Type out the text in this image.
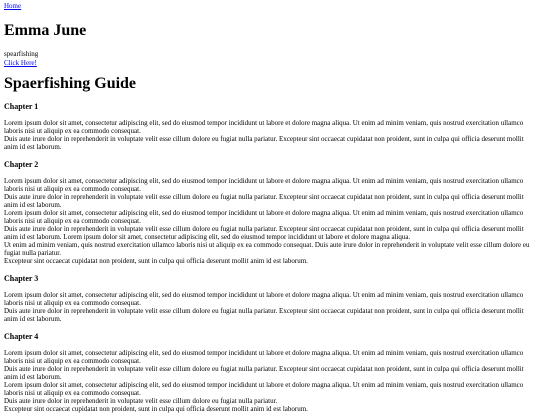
Home
Emma June
spearfishing
Click Here!
Spaerfishing Guide
Chapter 1

Lorem ipsum dolor sit amet, consectetur adipiscing elit, sed do eiusmod tempor incididunt ut labore et dolore magna aliqua. Ut enim ad minim veniam, quis nostrud exercitation ullamco laboris nisi ut aliquip ex ea commodo consequat.

Duis aute irure dolor in reprehenderit in voluptate velit esse cillum dolore eu fugiat nulla pariatur. Excepteur sint occaecat cupidatat non proident, sunt in culpa qui officia deserunt mollit anim id est laborum.

Chapter 2

Lorem ipsum dolor sit amet, consectetur adipiscing elit, sed do eiusmod tempor incididunt ut labore et dolore magna aliqua. Ut enim ad minim veniam, quis nostrud exercitation ullamco laboris nisi ut aliquip ex ea commodo consequat.

Duis aute irure dolor in reprehenderit in voluptate velit esse cillum dolore eu fugiat nulla pariatur. Excepteur sint occaecat cupidatat non proident, sunt in culpa qui officia deserunt mollit anim id est laborum.

Lorem ipsum dolor sit amet, consectetur adipiscing elit, sed do eiusmod tempor incididunt ut labore et dolore magna aliqua. Ut enim ad minim veniam, quis nostrud exercitation ullamco laboris nisi ut aliquip ex ea commodo consequat.

Duis aute irure dolor in reprehenderit in voluptate velit esse cillum dolore eu fugiat nulla pariatur. Excepteur sint occaecat cupidatat non proident, sunt in culpa qui officia deserunt mollit anim id est laborum. Lorem ipsum dolor sit amet, consectetur adipiscing elit, sed do eiusmod tempor incididunt ut labore et dolore magna aliqua.

Ut enim ad minim veniam, quis nostrud exercitation ullamco laboris nisi ut aliquip ex ea commodo consequat. Duis aute irure dolor in reprehenderit in voluptate velit esse cillum dolore eu fugiat nulla pariatur.

Excepteur sint occaecat cupidatat non proident, sunt in culpa qui officia deserunt mollit anim id est laborum.

Chapter 3

Lorem ipsum dolor sit amet, consectetur adipiscing elit, sed do eiusmod tempor incididunt ut labore et dolore magna aliqua. Ut enim ad minim veniam, quis nostrud exercitation ullamco laboris nisi ut aliquip ex ea commodo consequat.

Duis aute irure dolor in reprehenderit in voluptate velit esse cillum dolore eu fugiat nulla pariatur. Excepteur sint occaecat cupidatat non proident, sunt in culpa qui officia deserunt mollit anim id est laborum.

Chapter 4

Lorem ipsum dolor sit amet, consectetur adipiscing elit, sed do eiusmod tempor incididunt ut labore et dolore magna aliqua. Ut enim ad minim veniam, quis nostrud exercitation ullamco laboris nisi ut aliquip ex ea commodo consequat.

Duis aute irure dolor in reprehenderit in voluptate velit esse cillum dolore eu fugiat nulla pariatur. Excepteur sint occaecat cupidatat non proident, sunt in culpa qui officia deserunt mollit anim id est laborum.

Lorem ipsum dolor sit amet, consectetur adipiscing elit, sed do eiusmod tempor incididunt ut labore et dolore magna aliqua. Ut enim ad minim veniam, quis nostrud exercitation ullamco laboris nisi ut aliquip ex ea commodo consequat.

Duis aute irure dolor in reprehenderit in voluptate velit esse cillum dolore eu fugiat nulla pariatur.

Excepteur sint occaecat cupidatat non proident, sunt in culpa qui officia deserunt mollit anim id est laborum.
